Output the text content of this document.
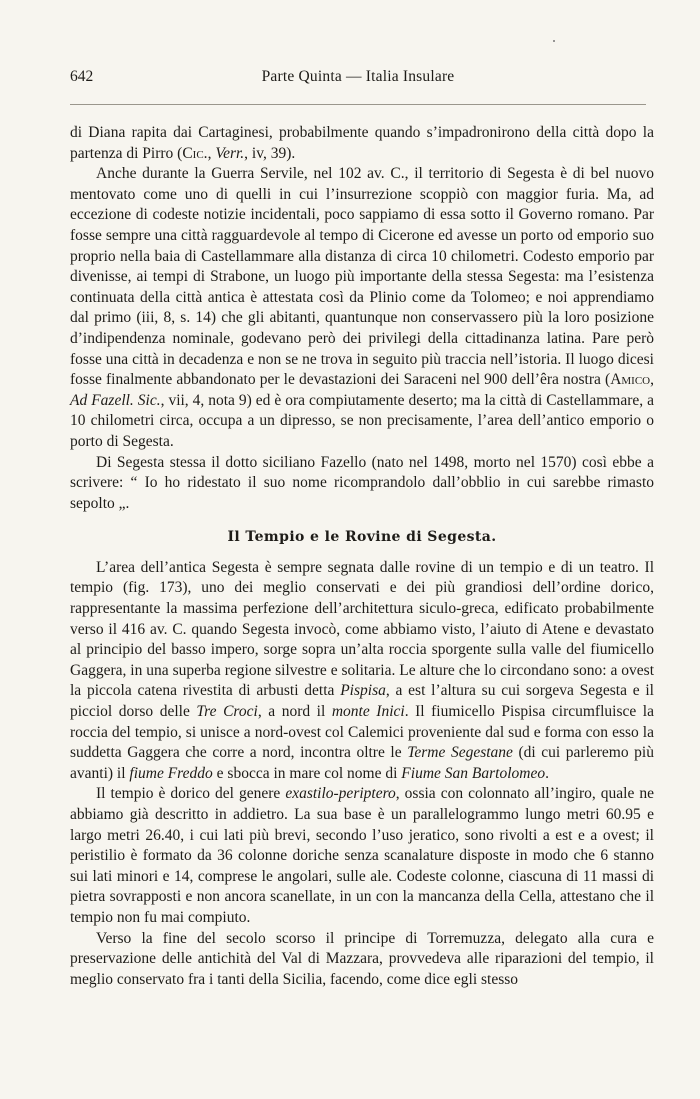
642	Parte Quinta — Italia Insulare

di Diana rapita dai Cartaginesi, probabilmente quando s’impadronirono della città dopo la partenza di Pirro (Cic., Verr., iv, 39).

Anche durante la Guerra Servile, nel 102 av. C., il territorio di Segesta è di bel nuovo mentovato come uno di quelli in cui l’insurrezione scoppiò con maggior furia. Ma, ad eccezione di codeste notizie incidentali, poco sappiamo di essa sotto il Governo romano. Par fosse sempre una città ragguardevole al tempo di Cicerone ed avesse un porto od emporio suo proprio nella baia di Castellammare alla distanza di circa 10 chilometri. Codesto emporio par divenisse, ai tempi di Strabone, un luogo più importante della stessa Segesta: ma l’esistenza continuata della città antica è attestata così da Plinio come da Tolomeo; e noi apprendiamo dal primo (iii, 8, s. 14) che gli abitanti, quantunque non conservassero più la loro posizione d’indipendenza nominale, godevano però dei privilegi della cittadinanza latina. Pare però fosse una città in decadenza e non se ne trova in seguito più traccia nell’istoria. Il luogo dicesi fosse finalmente abbandonato per le devastazioni dei Saraceni nel 900 dell’êra nostra (Amico, Ad Fazell. Sic., vii, 4, nota 9) ed è ora compiutamente deserto; ma la città di Castellammare, a 10 chilometri circa, occupa a un dipresso, se non precisamente, l’area dell’antico emporio o porto di Segesta.

Di Segesta stessa il dotto siciliano Fazello (nato nel 1498, morto nel 1570) così ebbe a scrivere: “ Io ho ridestato il suo nome ricomprandolo dall’obblio in cui sarebbe rimasto sepolto „.

Il Tempio e le Rovine di Segesta.

L’area dell’antica Segesta è sempre segnata dalle rovine di un tempio e di un teatro. Il tempio (fig. 173), uno dei meglio conservati e dei più grandiosi dell’ordine dorico, rappresentante la massima perfezione dell’architettura siculo-greca, edificato probabilmente verso il 416 av. C. quando Segesta invocò, come abbiamo visto, l’aiuto di Atene e devastato al principio del basso impero, sorge sopra un’alta roccia sporgente sulla valle del fiumicello Gaggera, in una superba regione silvestre e solitaria. Le alture che lo circondano sono: a ovest la piccola catena rivestita di arbusti detta Pispisa, a est l’altura su cui sorgeva Segesta e il picciol dorso delle Tre Croci, a nord il monte Inici. Il fiumicello Pispisa circumfluisce la roccia del tempio, si unisce a nord-ovest col Calemici proveniente dal sud e forma con esso la suddetta Gaggera che corre a nord, incontra oltre le Terme Segestane (di cui parleremo più avanti) il fiume Freddo e sbocca in mare col nome di Fiume San Bartolomeo.

Il tempio è dorico del genere exastilo-periptero, ossia con colonnato all’ingiro, quale ne abbiamo già descritto in addietro. La sua base è un parallelogrammo lungo metri 60.95 e largo metri 26.40, i cui lati più brevi, secondo l’uso jeratico, sono rivolti a est e a ovest; il peristilio è formato da 36 colonne doriche senza scanalature disposte in modo che 6 stanno sui lati minori e 14, comprese le angolari, sulle ale. Codeste colonne, ciascuna di 11 massi di pietra sovrapposti e non ancora scanellate, in un con la mancanza della Cella, attestano che il tempio non fu mai compiuto.

Verso la fine del secolo scorso il principe di Torremuzza, delegato alla cura e preservazione delle antichità del Val di Mazzara, provvedeva alle riparazioni del tempio, il meglio conservato fra i tanti della Sicilia, facendo, come dice egli stesso
